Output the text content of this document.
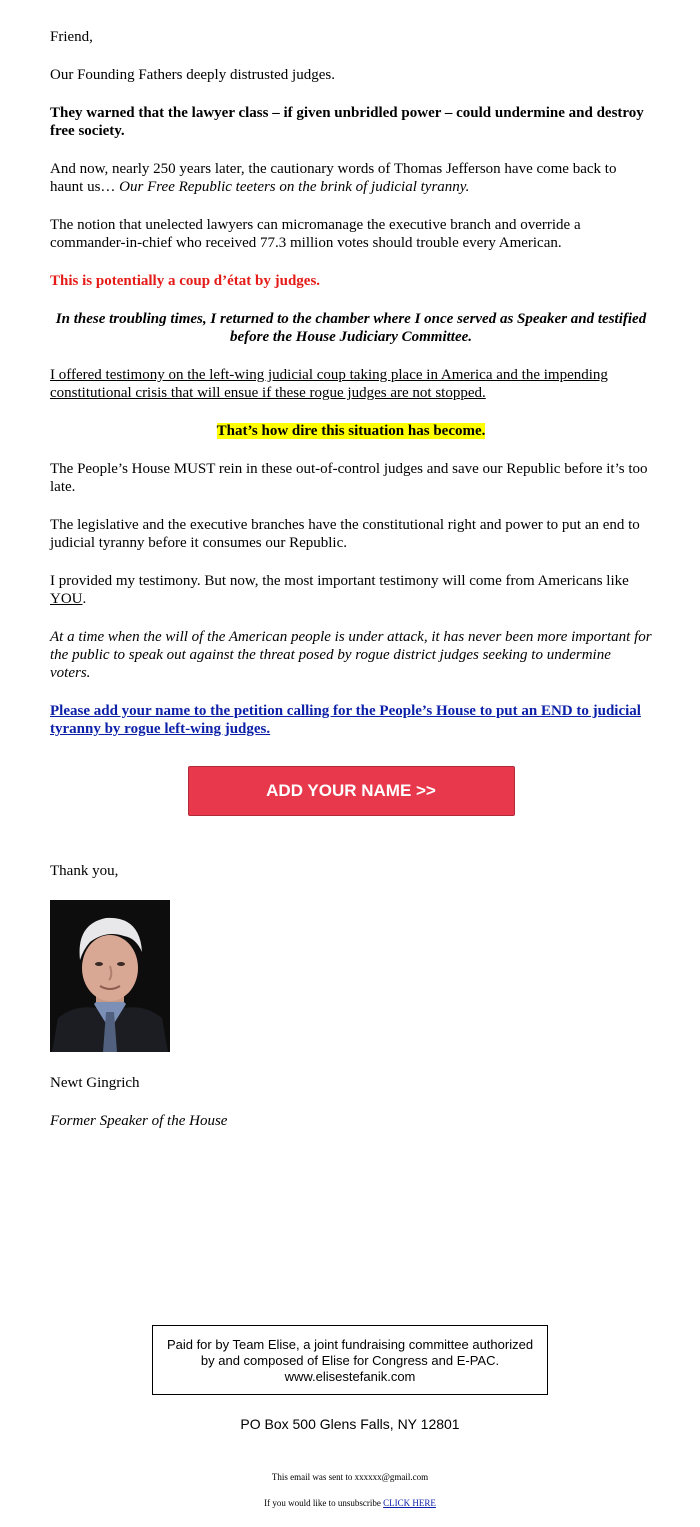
Friend,

Our Founding Fathers deeply distrusted judges.

They warned that the lawyer class – if given unbridled power – could undermine and destroy free society.

And now, nearly 250 years later, the cautionary words of Thomas Jefferson have come back to haunt us… Our Free Republic teeters on the brink of judicial tyranny.

The notion that unelected lawyers can micromanage the executive branch and override a commander-in-chief who received 77.3 million votes should trouble every American.

This is potentially a coup d’état by judges.

In these troubling times, I returned to the chamber where I once served as Speaker and testified before the House Judiciary Committee.

I offered testimony on the left-wing judicial coup taking place in America and the impending constitutional crisis that will ensue if these rogue judges are not stopped.

That’s how dire this situation has become.

The People’s House MUST rein in these out-of-control judges and save our Republic before it’s too late.

The legislative and the executive branches have the constitutional right and power to put an end to judicial tyranny before it consumes our Republic.

I provided my testimony. But now, the most important testimony will come from Americans like YOU.

At a time when the will of the American people is under attack, it has never been more important for the public to speak out against the threat posed by rogue district judges seeking to undermine voters.

Please add your name to the petition calling for the People’s House to put an END to judicial tyranny by rogue left-wing judges.

ADD YOUR NAME >>

Thank you,

Newt Gingrich

Former Speaker of the House

Paid for by Team Elise, a joint fundraising committee authorized by and composed of Elise for Congress and E-PAC. www.elisestefanik.com
PO Box 500 Glens Falls, NY 12801
This email was sent to xxxxxx@gmail.com
If you would like to unsubscribe CLICK HERE
